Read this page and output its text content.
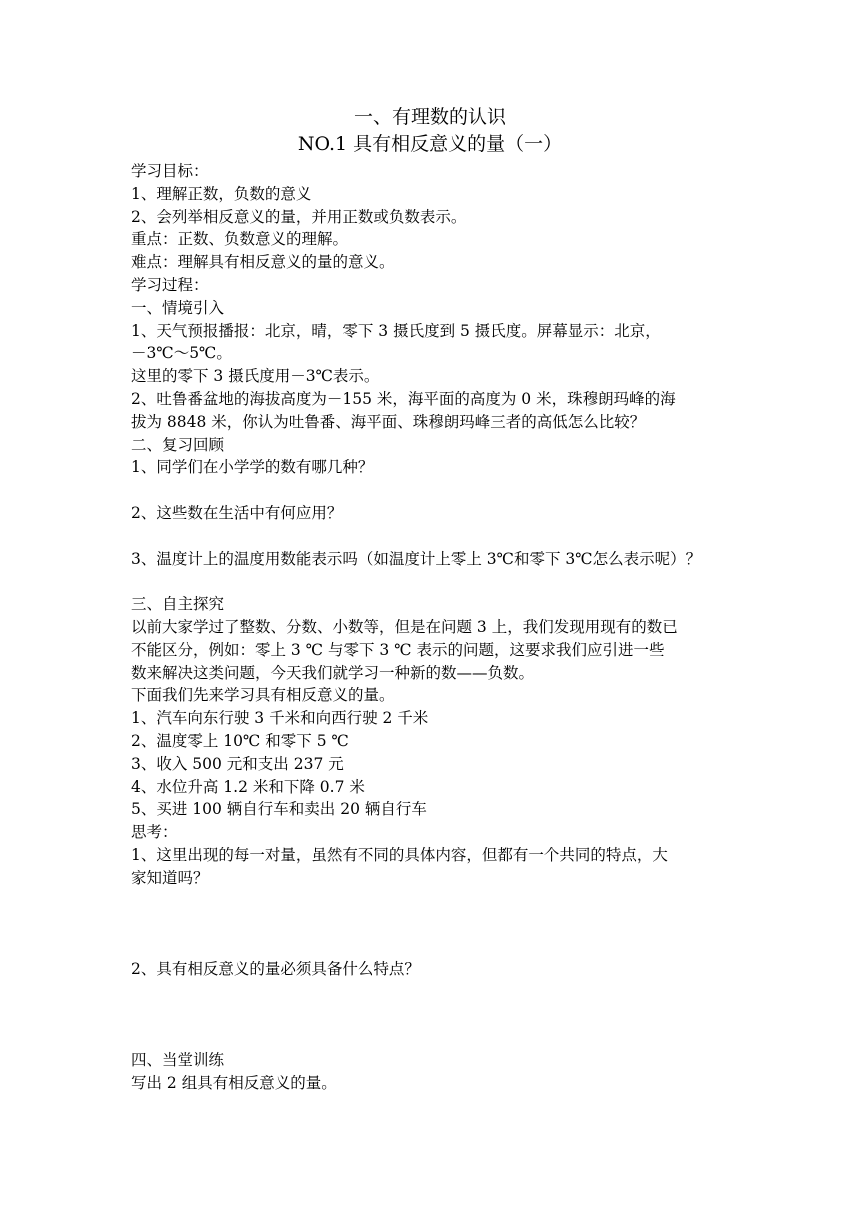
一、有理数的认识
NO.1 具有相反意义的量（一）
学习目标：
1、理解正数，负数的意义
2、会列举相反意义的量，并用正数或负数表示。
重点：正数、负数意义的理解。
难点：理解具有相反意义的量的意义。
学习过程：
一、情境引入
1、天气预报播报：北京，晴，零下 3 摄氏度到 5 摄氏度。屏幕显示：北京，
－3℃～5℃。
这里的零下 3 摄氏度用－3℃表示。
2、吐鲁番盆地的海拔高度为－155 米，海平面的高度为 0 米，珠穆朗玛峰的海
拔为 8848 米，你认为吐鲁番、海平面、珠穆朗玛峰三者的高低怎么比较？
二、复习回顾
1、同学们在小学学的数有哪几种？
2、这些数在生活中有何应用？
3、温度计上的温度用数能表示吗（如温度计上零上 3℃和零下 3℃怎么表示呢）？
三、自主探究
以前大家学过了整数、分数、小数等，但是在问题 3 上，我们发现用现有的数已
不能区分，例如：零上 3 ℃ 与零下 3 ℃ 表示的问题，这要求我们应引进一些
数来解决这类问题，今天我们就学习一种新的数——负数。
下面我们先来学习具有相反意义的量。
1、汽车向东行驶 3 千米和向西行驶 2 千米
2、温度零上 10℃ 和零下 5 ℃
3、收入 500 元和支出 237 元
4、水位升高 1.2 米和下降 0.7 米
5、买进 100 辆自行车和卖出 20 辆自行车
思考：
1、这里出现的每一对量，虽然有不同的具体内容，但都有一个共同的特点，大
家知道吗？
2、具有相反意义的量必须具备什么特点？
四、当堂训练
写出 2 组具有相反意义的量。
